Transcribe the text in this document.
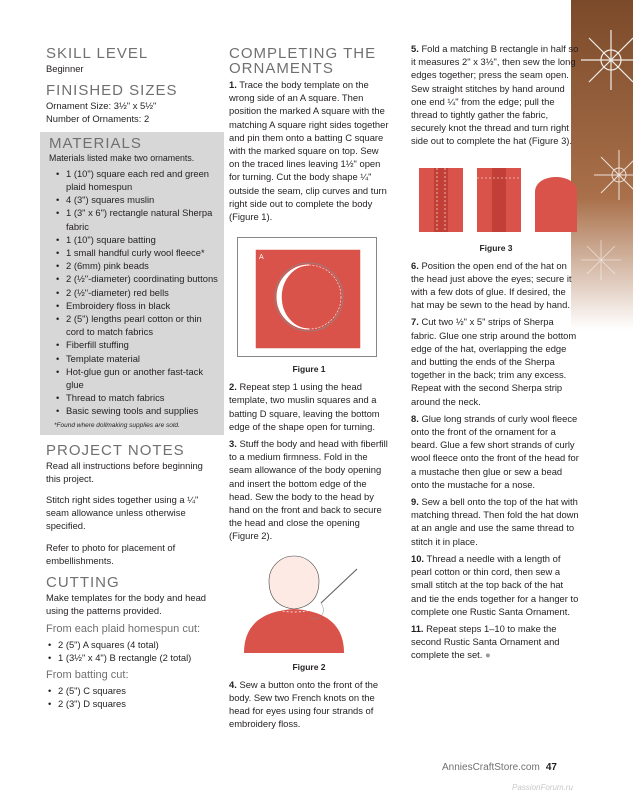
SKILL LEVEL

Beginner

FINISHED SIZES

Ornament Size: 3½" x 5½"

Number of Ornaments: 2

MATERIALS

Materials listed make two ornaments.

• 1 (10") square each red and green plaid homespun
• 4 (3") squares muslin
• 1 (3" x 6") rectangle natural Sherpa fabric
• 1 (10") square batting
• 1 small handful curly wool fleece*
• 2 (6mm) pink beads
• 2 (½"-diameter) coordinating buttons
• 2 (½"-diameter) red bells
• Embroidery floss in black
• 2 (5") lengths pearl cotton or thin cord to match fabrics
• Fiberfill stuffing
• Template material
• Hot-glue gun or another fast-tack glue
• Thread to match fabrics
• Basic sewing tools and supplies
*Found where dollmaking supplies are sold.
PROJECT NOTES

Read all instructions before beginning this project.

Stitch right sides together using a ¼" seam allowance unless otherwise specified.

Refer to photo for placement of embellishments.

CUTTING

Make templates for the body and head using the patterns provided.

From each plaid homespun cut:
• 2 (5") A squares (4 total)
• 1 (3½" x 4") B rectangle (2 total)
From batting cut:
• 2 (5") C squares
• 2 (3") D squares
COMPLETING THE ORNAMENTS

1. Trace the body template on the wrong side of an A square. Then position the marked A square with the matching A square right sides together and pin them onto a batting C square with the marked square on top. Sew on the traced lines leaving 1½" open for turning. Cut the body shape ¼" outside the seam, clip curves and turn right side out to complete the body (Figure 1).

A
Figure 1

2. Repeat step 1 using the head template, two muslin squares and a batting D square, leaving the bottom edge of the shape open for turning.

3. Stuff the body and head with fiberfill to a medium firmness. Fold in the seam allowance of the body opening and insert the bottom edge of the head. Sew the body to the head by hand on the front and back to secure the head and close the opening (Figure 2).

Figure 2

4. Sew a button onto the front of the body. Sew two French knots on the head for eyes using four strands of embroidery floss.

5. Fold a matching B rectangle in half so it measures 2" x 3½", then sew the long edges together; press the seam open. Sew straight stitches by hand around one end ¼" from the edge; pull the thread to tightly gather the fabric, securely knot the thread and turn right side out to complete the hat (Figure 3).

Figure 3

6. Position the open end of the hat on the head just above the eyes; secure it with a few dots of glue. If desired, the hat may be sewn to the head by hand.

7. Cut two ½" x 5" strips of Sherpa fabric. Glue one strip around the bottom edge of the hat, overlapping the edge and butting the ends of the Sherpa together in the back; trim any excess. Repeat with the second Sherpa strip around the neck.

8. Glue long strands of curly wool fleece onto the front of the ornament for a beard. Glue a few short strands of curly wool fleece onto the front of the head for a mustache then glue or sew a bead onto the mustache for a nose.

9. Sew a bell onto the top of the hat with matching thread. Then fold the hat down at an angle and use the same thread to stitch it in place.

10. Thread a needle with a length of pearl cotton or thin cord, then sew a small stitch at the top back of the hat and tie the ends together for a hanger to complete one Rustic Santa Ornament.

11. Repeat steps 1–10 to make the second Rustic Santa Ornament and complete the set. ●

AnniesCraftStore.com 47
PassionForum.ru
